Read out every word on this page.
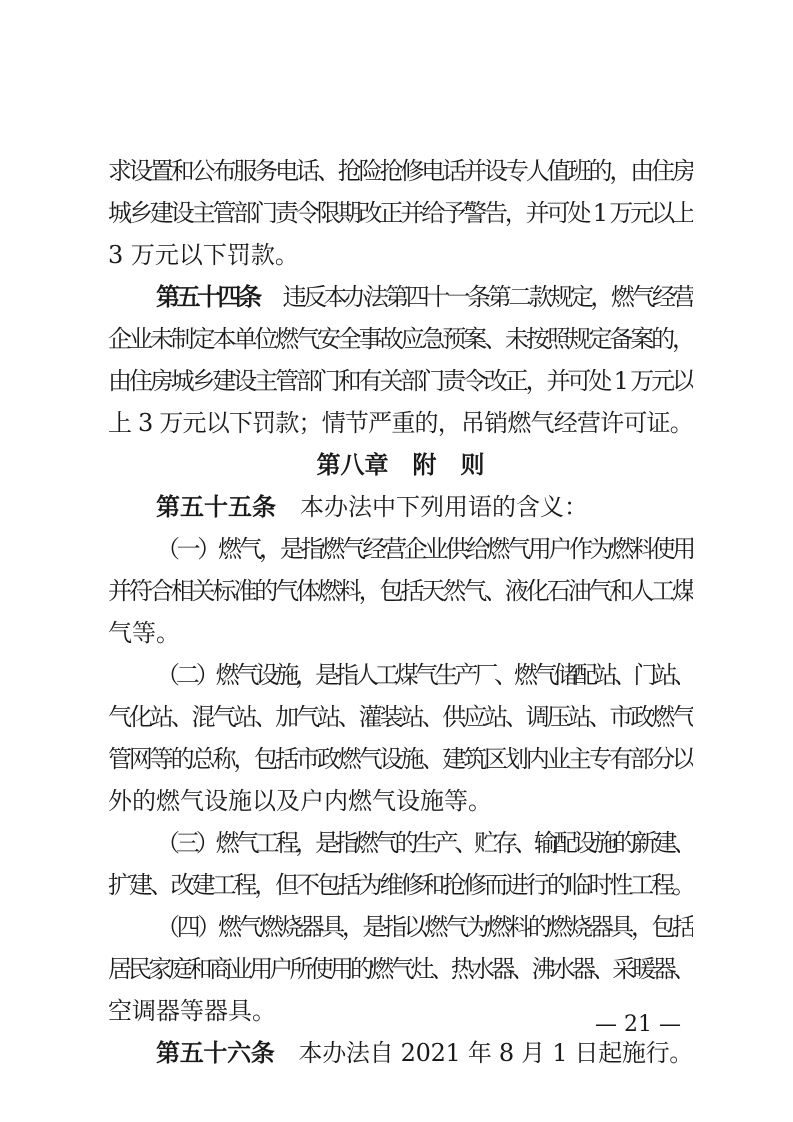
求设置和公布服务电话、抢险抢修电话并设专人值班的，由住房
城乡建设主管部门责令限期改正并给予警告，并可处 1 万元以上
3 万元以下罚款。
第五十四条 违反本办法第四十一条第二款规定，燃气经营
企业未制定本单位燃气安全事故应急预案、未按照规定备案的，
由住房城乡建设主管部门和有关部门责令改正，并可处 1 万元以
上 3 万元以下罚款；情节严重的，吊销燃气经营许可证。
第八章 附 则
第五十五条 本办法中下列用语的含义：
（一）燃气，是指燃气经营企业供给燃气用户作为燃料使用
并符合相关标准的气体燃料，包括天然气、液化石油气和人工煤
气等。
（二）燃气设施，是指人工煤气生产厂、燃气储配站、门站、
气化站、混气站、加气站、灌装站、供应站、调压站、市政燃气
管网等的总称，包括市政燃气设施、建筑区划内业主专有部分以
外的燃气设施以及户内燃气设施等。
（三）燃气工程，是指燃气的生产、贮存、输配设施的新建、
扩建、改建工程，但不包括为维修和抢修而进行的临时性工程。
（四）燃气燃烧器具，是指以燃气为燃料的燃烧器具，包括
居民家庭和商业用户所使用的燃气灶、热水器、沸水器、采暖器、
空调器等器具。
第五十六条 本办法自 2021 年 8 月 1 日起施行。
— 21 —
